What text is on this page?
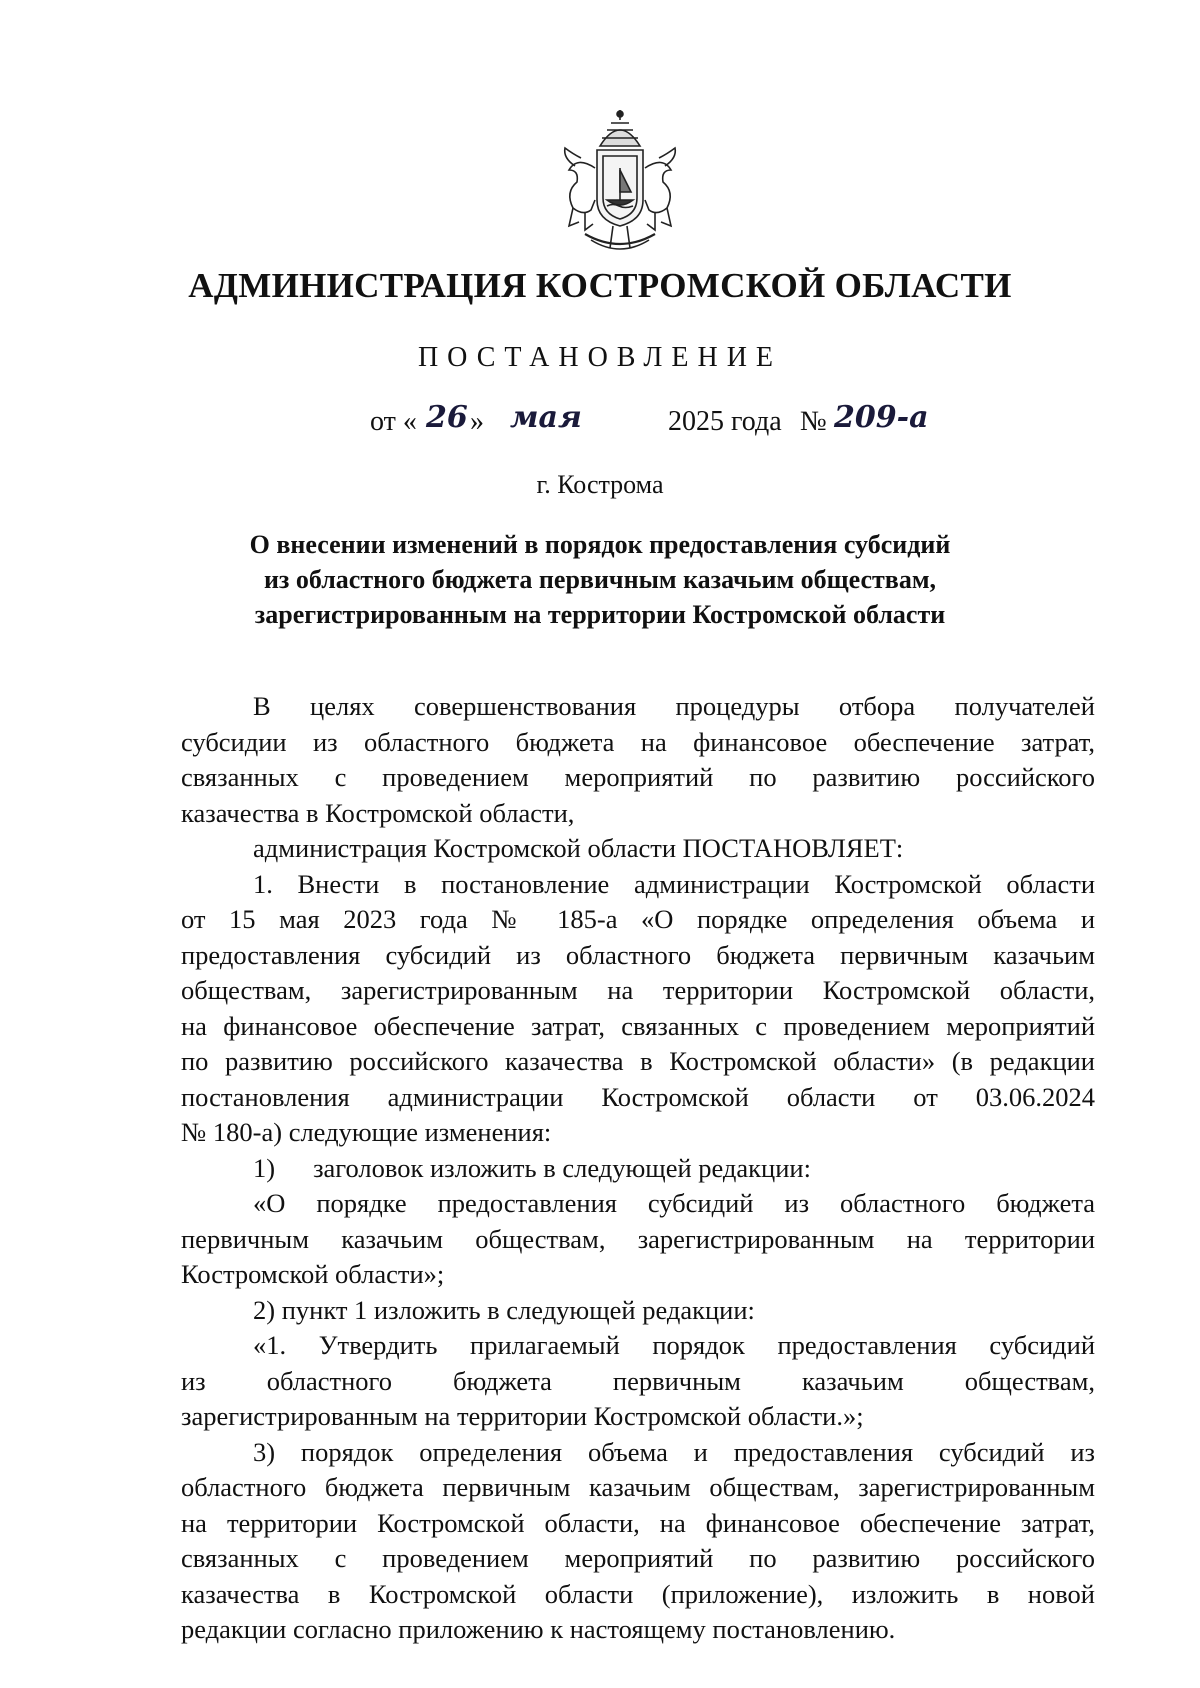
АДМИНИСТРАЦИЯ КОСТРОМСКОЙ ОБЛАСТИ
ПОСТАНОВЛЕНИЕ
от « 26 » мая	2025 года № 209-а
г. Кострома
О внесении изменений в порядок предоставления субсидий
из областного бюджета первичным казачьим обществам,
зарегистрированным на территории Костромской области
В целях совершенствования процедуры отбора получателей
субсидии из областного бюджета на финансовое обеспечение затрат,
связанных с проведением мероприятий по развитию российского
казачества в Костромской области,
администрация Костромской области ПОСТАНОВЛЯЕТ:
1. Внести в постановление администрации Костромской области
от 15 мая 2023 года № 185-а «О порядке определения объема и
предоставления субсидий из областного бюджета первичным казачьим
обществам, зарегистрированным на территории Костромской области,
на финансовое обеспечение затрат, связанных с проведением мероприятий
по развитию российского казачества в Костромской области» (в редакции
постановления администрации Костромской области от 03.06.2024
№ 180-а) следующие изменения:
1) заголовок изложить в следующей редакции:
«О порядке предоставления субсидий из областного бюджета
первичным казачьим обществам, зарегистрированным на территории
Костромской области»;
2) пункт 1 изложить в следующей редакции:
«1. Утвердить прилагаемый порядок предоставления субсидий
из областного бюджета первичным казачьим обществам,
зарегистрированным на территории Костромской области.»;
3) порядок определения объема и предоставления субсидий из
областного бюджета первичным казачьим обществам, зарегистрированным
на территории Костромской области, на финансовое обеспечение затрат,
связанных с проведением мероприятий по развитию российского
казачества в Костромской области (приложение), изложить в новой
редакции согласно приложению к настоящему постановлению.
